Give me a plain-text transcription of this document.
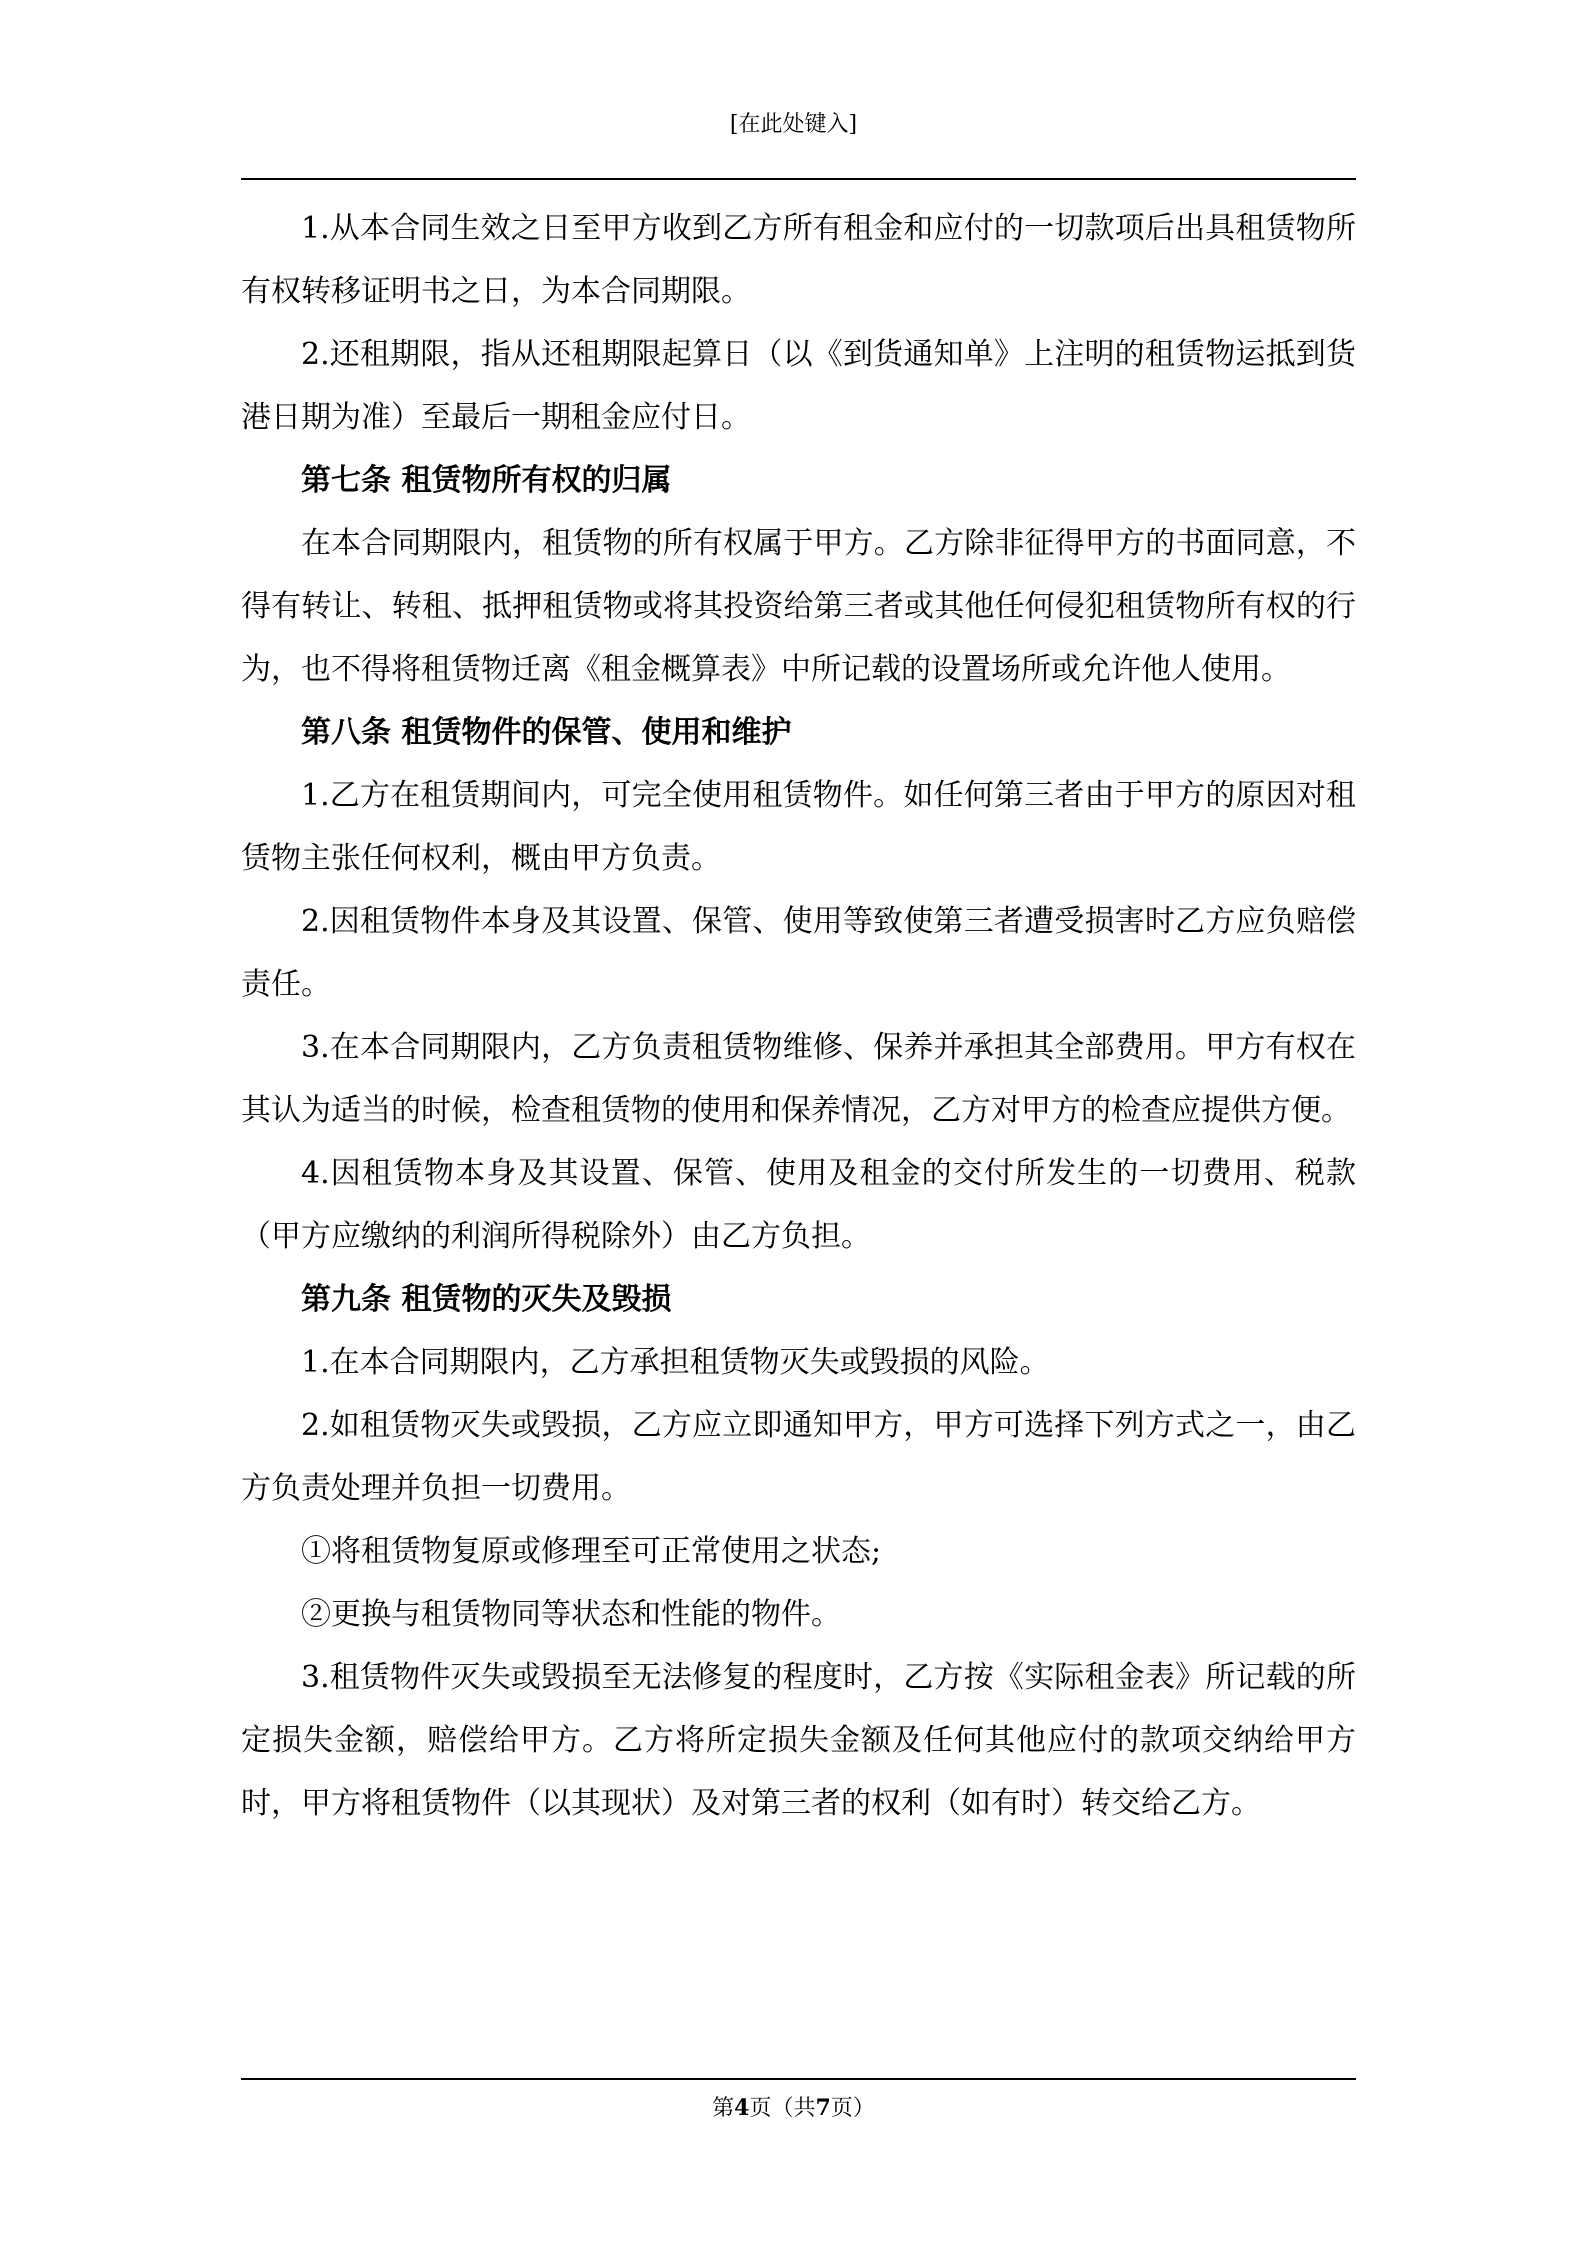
[在此处键入]

1.从本合同生效之日至甲方收到乙方所有租金和应付的一切款项后出具租赁物所有权转移证明书之日，为本合同期限。

2.还租期限，指从还租期限起算日（以《到货通知单》上注明的租赁物运抵到货港日期为准）至最后一期租金应付日。

第七条 租赁物所有权的归属

在本合同期限内，租赁物的所有权属于甲方。乙方除非征得甲方的书面同意，不得有转让、转租、抵押租赁物或将其投资给第三者或其他任何侵犯租赁物所有权的行为，也不得将租赁物迁离《租金概算表》中所记载的设置场所或允许他人使用。

第八条 租赁物件的保管、使用和维护

1.乙方在租赁期间内，可完全使用租赁物件。如任何第三者由于甲方的原因对租赁物主张任何权利，概由甲方负责。

2.因租赁物件本身及其设置、保管、使用等致使第三者遭受损害时乙方应负赔偿责任。

3.在本合同期限内，乙方负责租赁物维修、保养并承担其全部费用。甲方有权在其认为适当的时候，检查租赁物的使用和保养情况，乙方对甲方的检查应提供方便。

4.因租赁物本身及其设置、保管、使用及租金的交付所发生的一切费用、税款（甲方应缴纳的利润所得税除外）由乙方负担。

第九条 租赁物的灭失及毁损

1.在本合同期限内，乙方承担租赁物灭失或毁损的风险。

2.如租赁物灭失或毁损，乙方应立即通知甲方，甲方可选择下列方式之一，由乙方负责处理并负担一切费用。

①将租赁物复原或修理至可正常使用之状态;

②更换与租赁物同等状态和性能的物件。

3.租赁物件灭失或毁损至无法修复的程度时，乙方按《实际租金表》所记载的所定损失金额，赔偿给甲方。乙方将所定损失金额及任何其他应付的款项交纳给甲方时，甲方将租赁物件（以其现状）及对第三者的权利（如有时）转交给乙方。

第4页（共7页）
